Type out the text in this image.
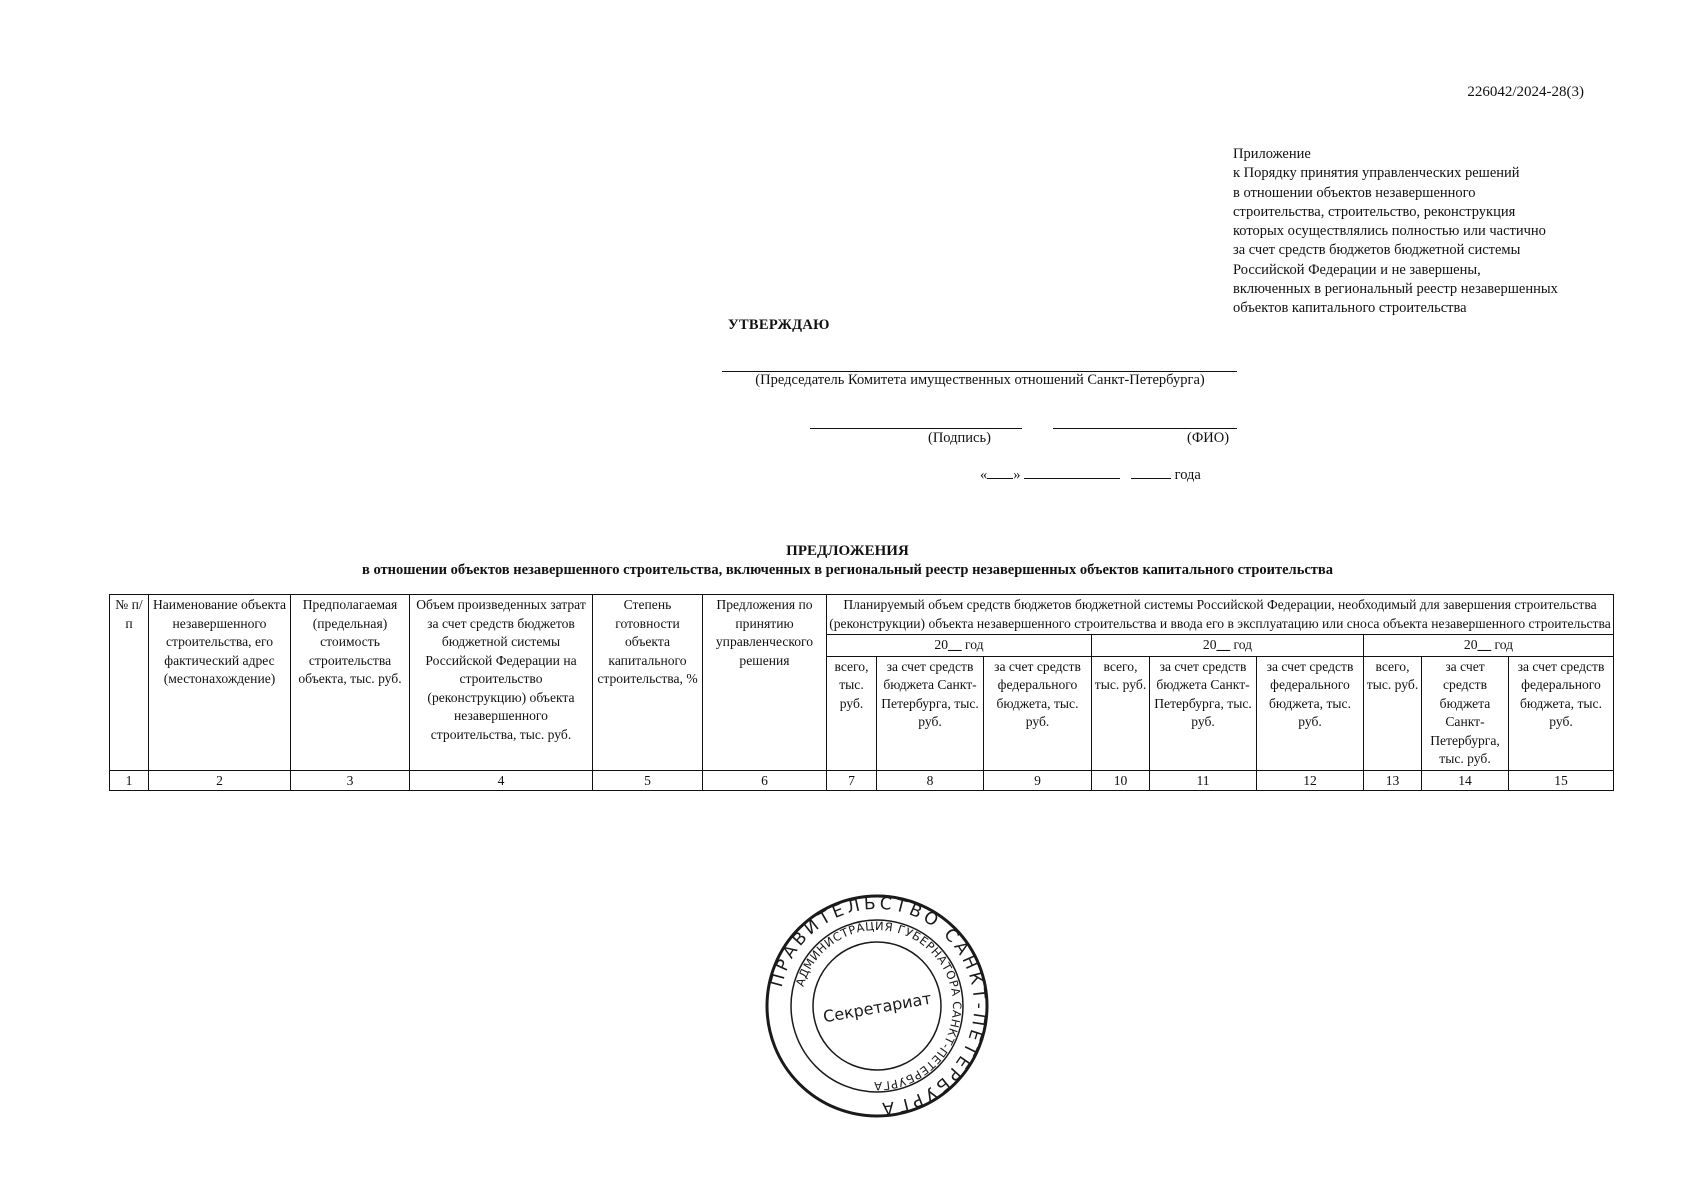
226042/2024-28(3)
Приложение
к Порядку принятия управленческих решений
в отношении объектов незавершенного
строительства, строительство, реконструкция
которых осуществлялись полностью или частично
за счет средств бюджетов бюджетной системы
Российской Федерации и не завершены,
включенных в региональный реестр незавершенных
объектов капитального строительства
УТВЕРЖДАЮ
(Председатель Комитета имущественных отношений Санкт-Петербурга)
(Подпись)	(ФИО)
« »	года
ПРЕДЛОЖЕНИЯ
в отношении объектов незавершенного строительства, включенных в региональный реестр незавершенных объектов капитального строительства
№ п/п	Наименование объекта незавершенного строительства, его фактический адрес (местонахождение)	Предполагаемая (предельная) стоимость строительства объекта, тыс. руб.	Объем произведенных затрат за счет средств бюджетов бюджетной системы Российской Федерации на строительство (реконструкцию) объекта незавершенного строительства, тыс. руб.	Степень готовности объекта капитального строительства, %	Предложения по принятию управленческого решения	Планируемый объем средств бюджетов бюджетной системы Российской Федерации, необходимый для завершения строительства (реконструкции) объекта незавершенного строительства и ввода его в эксплуатацию или сноса объекта незавершенного строительства								
						20__ год			20__ год			20__ год		
						всего, тыс. руб.	за счет средств бюджета Санкт-Петербурга, тыс. руб.	за счет средств федерального бюджета, тыс. руб.	всего, тыс. руб.	за счет средств бюджета Санкт-Петербурга, тыс. руб.	за счет средств федерального бюджета, тыс. руб.	всего, тыс. руб.	за счет средств бюджета Санкт-Петербурга, тыс. руб.	за счет средств федерального бюджета, тыс. руб.
1	2	3	4	5	6	7	8	9	10	11	12	13	14	15
ПРАВИТЕЛЬСТВО САНКТ-ПЕТЕРБУРГА
АДМИНИСТРАЦИЯ ГУБЕРНАТОРА САНКТ-ПЕТЕРБУРГА
Секретариат
